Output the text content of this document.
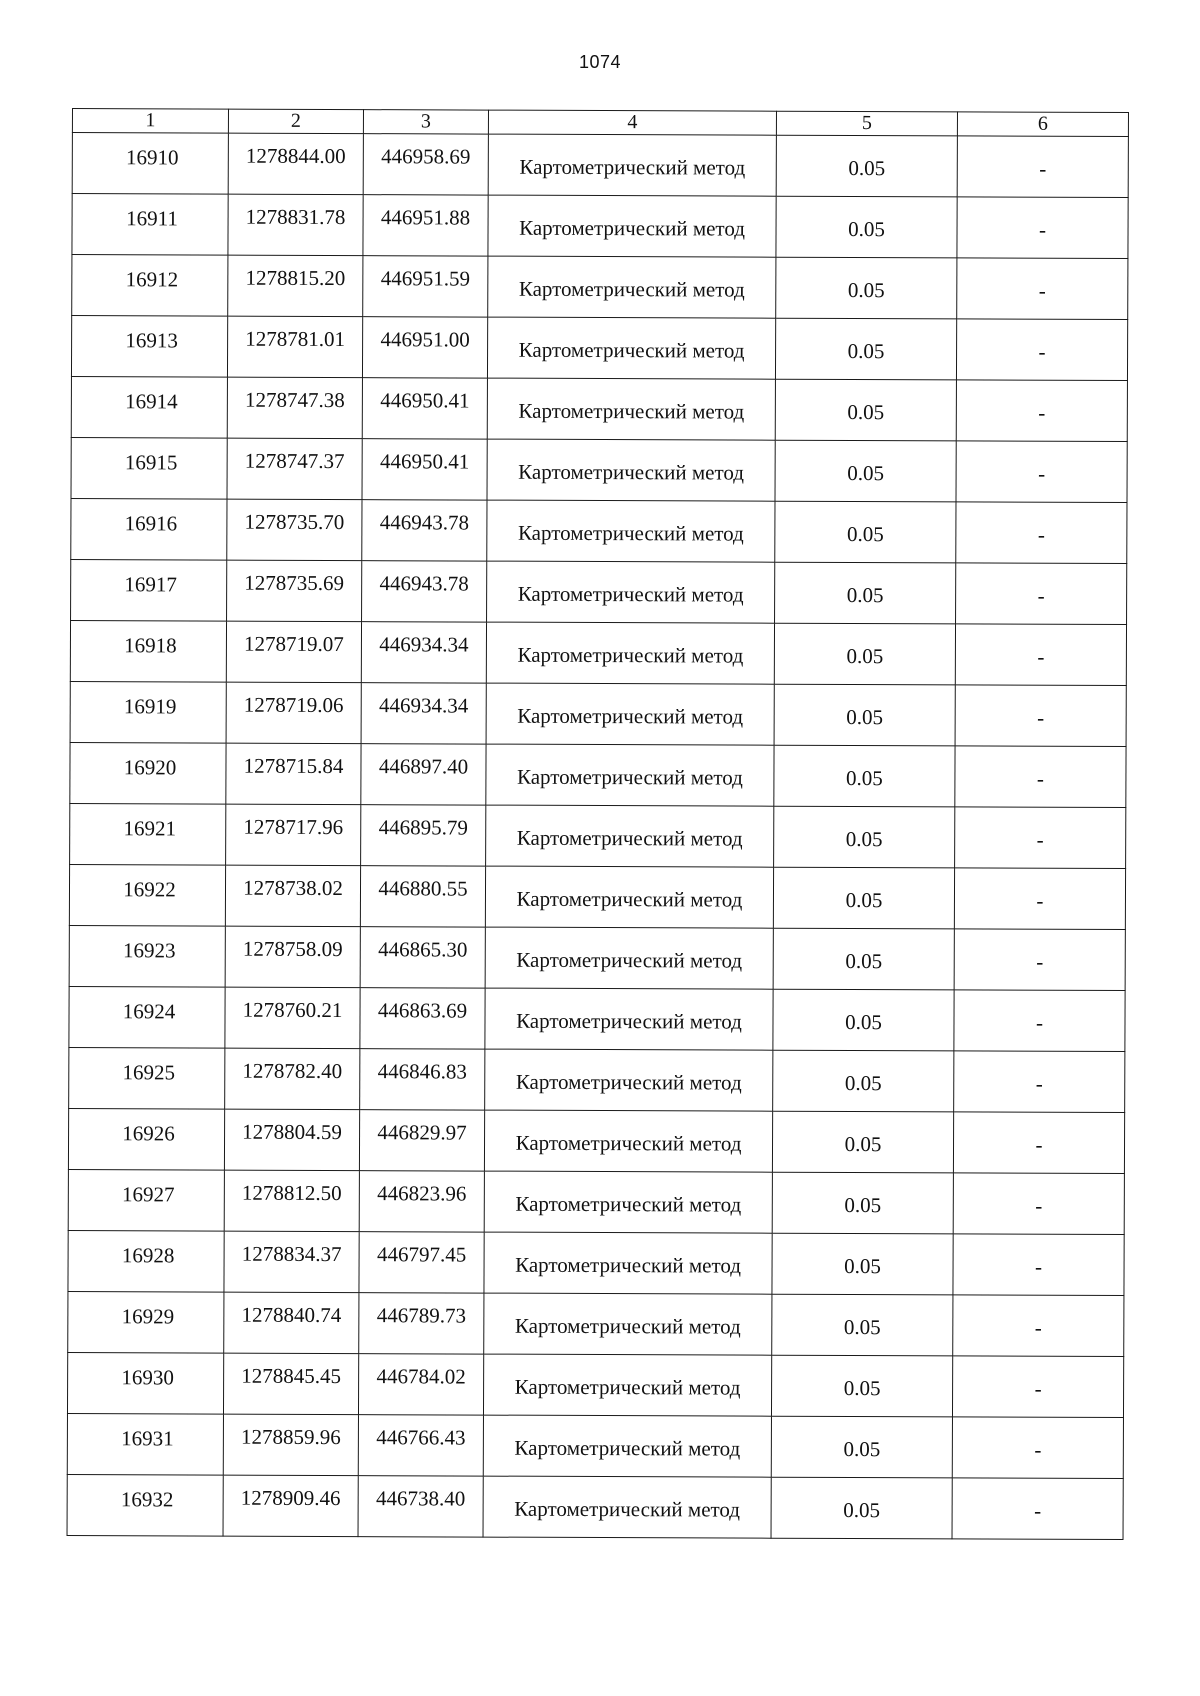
1074
1	2	3	4	5	6
16910	1278844.00	446958.69	Картометрический метод	0.05	-
16911	1278831.78	446951.88	Картометрический метод	0.05	-
16912	1278815.20	446951.59	Картометрический метод	0.05	-
16913	1278781.01	446951.00	Картометрический метод	0.05	-
16914	1278747.38	446950.41	Картометрический метод	0.05	-
16915	1278747.37	446950.41	Картометрический метод	0.05	-
16916	1278735.70	446943.78	Картометрический метод	0.05	-
16917	1278735.69	446943.78	Картометрический метод	0.05	-
16918	1278719.07	446934.34	Картометрический метод	0.05	-
16919	1278719.06	446934.34	Картометрический метод	0.05	-
16920	1278715.84	446897.40	Картометрический метод	0.05	-
16921	1278717.96	446895.79	Картометрический метод	0.05	-
16922	1278738.02	446880.55	Картометрический метод	0.05	-
16923	1278758.09	446865.30	Картометрический метод	0.05	-
16924	1278760.21	446863.69	Картометрический метод	0.05	-
16925	1278782.40	446846.83	Картометрический метод	0.05	-
16926	1278804.59	446829.97	Картометрический метод	0.05	-
16927	1278812.50	446823.96	Картометрический метод	0.05	-
16928	1278834.37	446797.45	Картометрический метод	0.05	-
16929	1278840.74	446789.73	Картометрический метод	0.05	-
16930	1278845.45	446784.02	Картометрический метод	0.05	-
16931	1278859.96	446766.43	Картометрический метод	0.05	-
16932	1278909.46	446738.40	Картометрический метод	0.05	-
